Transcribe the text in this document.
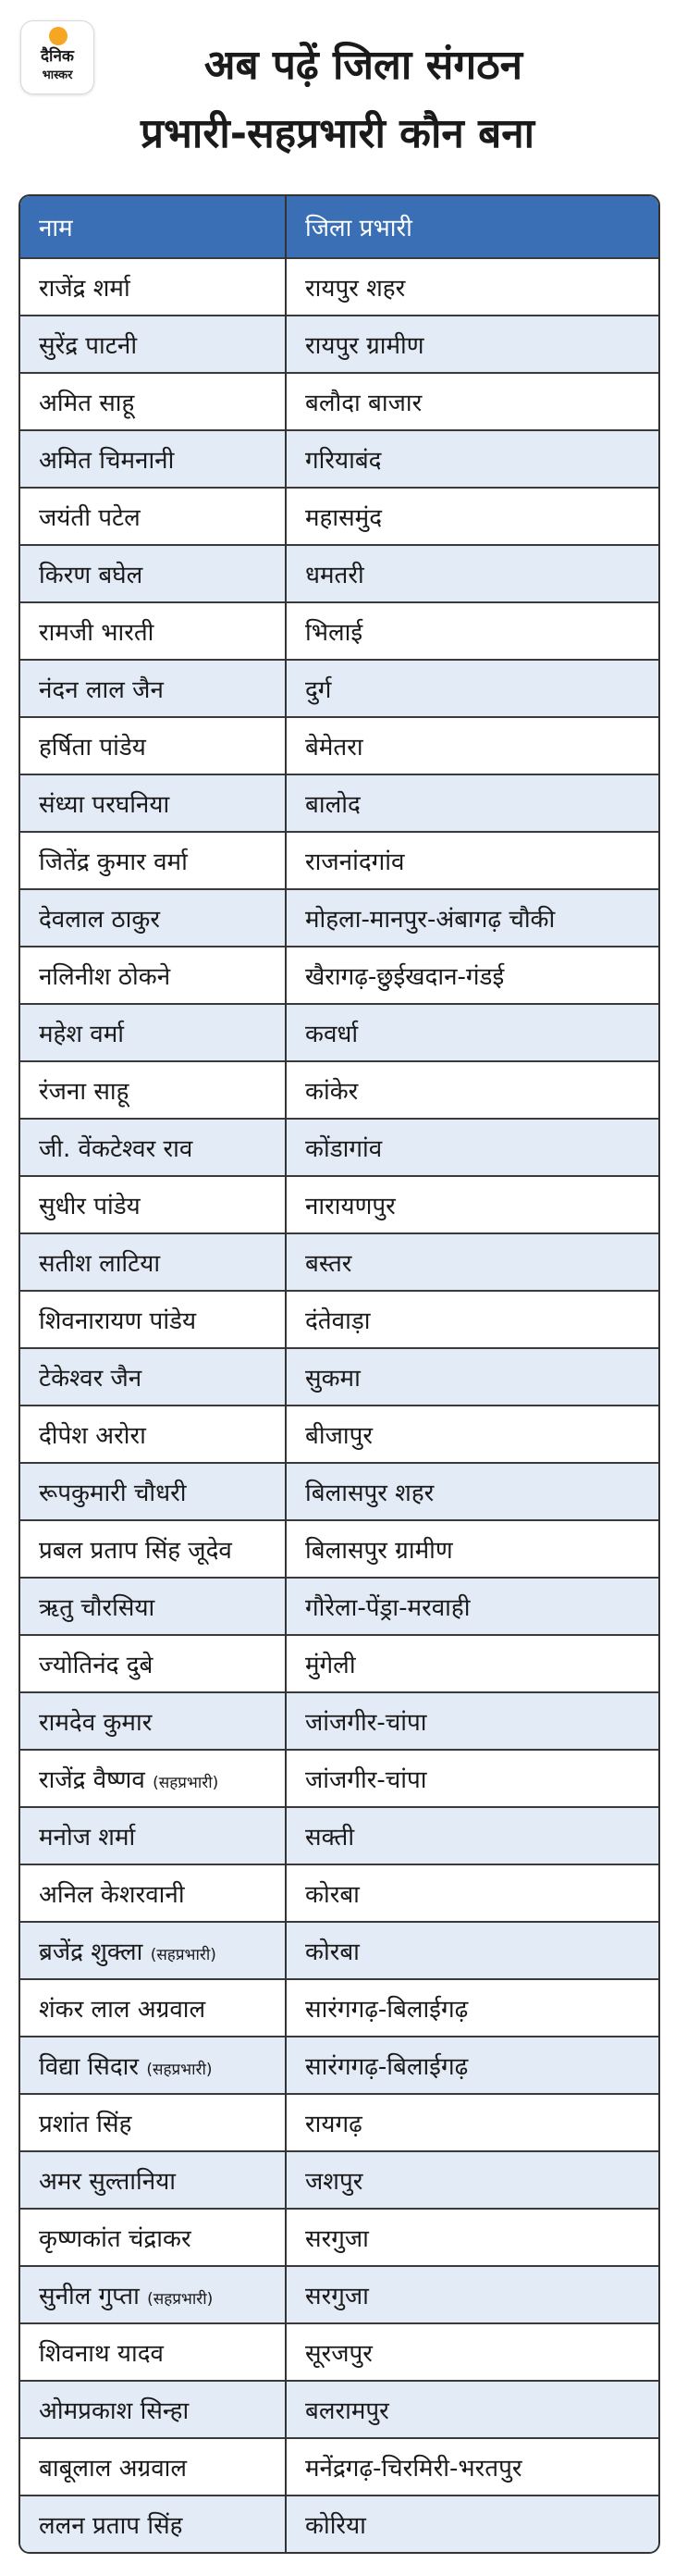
दैनिक
भास्कर	अब पढ़ें जिला संगठन
प्रभारी-सहप्रभारी कौन बना
नाम	जिला प्रभारी
राजेंद्र शर्मा	रायपुर शहर
सुरेंद्र पाटनी	रायपुर ग्रामीण
अमित साहू	बलौदा बाजार
अमित चिमनानी	गरियाबंद
जयंती पटेल	महासमुंद
किरण बघेल	धमतरी
रामजी भारती	भिलाई
नंदन लाल जैन	दुर्ग
हर्षिता पांडेय	बेमेतरा
संध्या परघनिया	बालोद
जितेंद्र कुमार वर्मा	राजनांदगांव
देवलाल ठाकुर	मोहला-मानपुर-अंबागढ़ चौकी
नलिनीश ठोकने	खैरागढ़-छुईखदान-गंडई
महेश वर्मा	कवर्धा
रंजना साहू	कांकेर
जी. वेंकटेश्वर राव	कोंडागांव
सुधीर पांडेय	नारायणपुर
सतीश लाटिया	बस्तर
शिवनारायण पांडेय	दंतेवाड़ा
टेकेश्वर जैन	सुकमा
दीपेश अरोरा	बीजापुर
रूपकुमारी चौधरी	बिलासपुर शहर
प्रबल प्रताप सिंह जूदेव	बिलासपुर ग्रामीण
ऋतु चौरसिया	गौरेला-पेंड्रा-मरवाही
ज्योतिनंद दुबे	मुंगेली
रामदेव कुमार	जांजगीर-चांपा
राजेंद्र वैष्णव (सहप्रभारी)	जांजगीर-चांपा
मनोज शर्मा	सक्ती
अनिल केशरवानी	कोरबा
ब्रजेंद्र शुक्ला (सहप्रभारी)	कोरबा
शंकर लाल अग्रवाल	सारंगगढ़-बिलाईगढ़
विद्या सिदार (सहप्रभारी)	सारंगगढ़-बिलाईगढ़
प्रशांत सिंह	रायगढ़
अमर सुल्तानिया	जशपुर
कृष्णकांत चंद्राकर	सरगुजा
सुनील गुप्ता (सहप्रभारी)	सरगुजा
शिवनाथ यादव	सूरजपुर
ओमप्रकाश सिन्हा	बलरामपुर
बाबूलाल अग्रवाल	मनेंद्रगढ़-चिरमिरी-भरतपुर
ललन प्रताप सिंह	कोरिया
